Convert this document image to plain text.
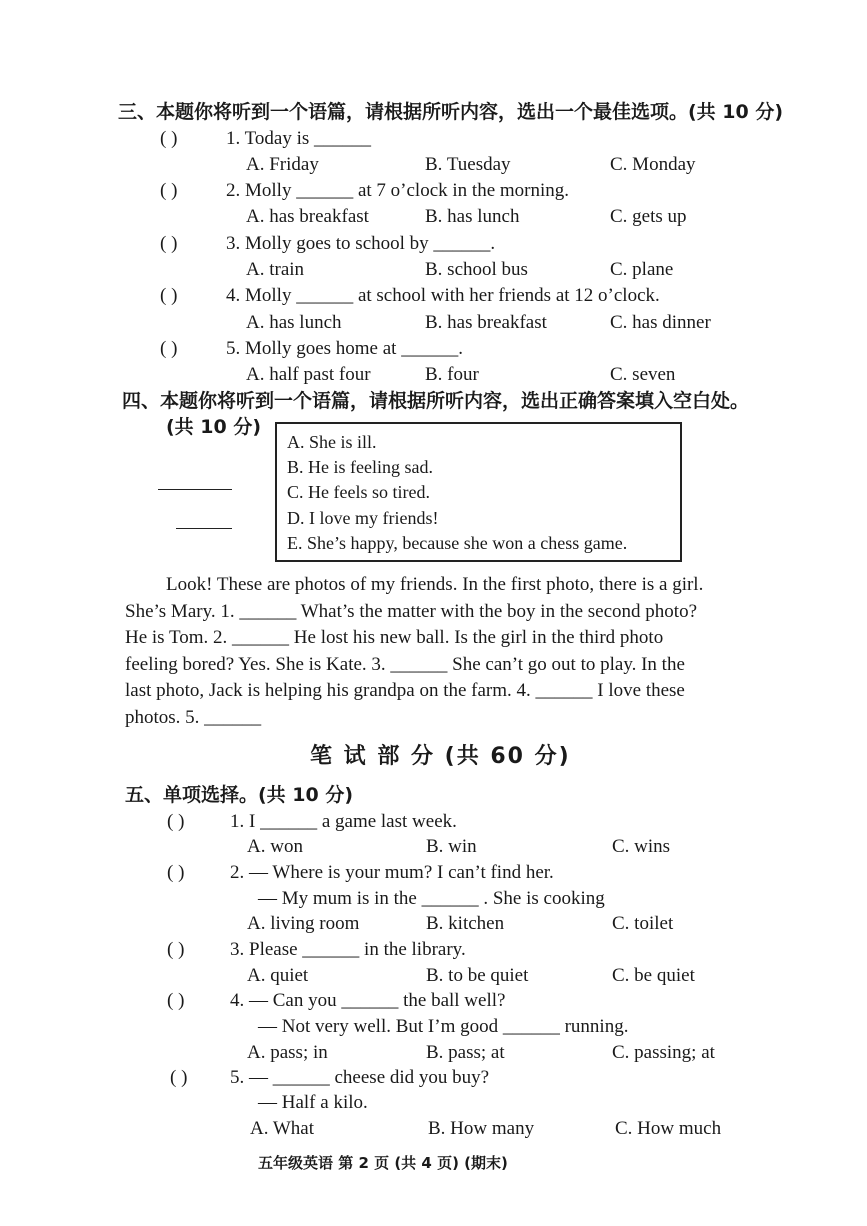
三、本题你将听到一个语篇，请根据所听内容，选出一个最佳选项。(共 10 分)
( )	1. Today is ______
A. Friday	B. Tuesday	C. Monday
( )	2. Molly ______ at 7 o’clock in the morning.
A. has breakfast	B. has lunch	C. gets up
( )	3. Molly goes to school by ______.
A. train	B. school bus	C. plane
( )	4. Molly ______ at school with her friends at 12 o’clock.
A. has lunch	B. has breakfast	C. has dinner
( )	5. Molly goes home at ______.
A. half past four	B. four	C. seven
四、本题你将听到一个语篇，请根据所听内容，选出正确答案填入空白处。
(共 10 分)
A. She is ill.
B. He is feeling sad.
C. He feels so tired.
D. I love my friends!
E. She’s happy, because she won a chess game.
Look! These are photos of my friends. In the first photo, there is a girl.
She’s Mary. 1. ______ What’s the matter with the boy in the second photo?
He is Tom. 2. ______ He lost his new ball. Is the girl in the third photo
feeling bored? Yes. She is Kate. 3. ______ She can’t go out to play. In the
last photo, Jack is helping his grandpa on the farm. 4. ______ I love these
photos. 5. ______
笔 试 部 分 (共 60 分)
五、单项选择。(共 10 分)
( ) 1. I ______ a game last week.
A. won	B. win	C. wins
( ) 2. — Where is your mum? I can’t find her.
— My mum is in the ______ . She is cooking
A. living room	B. kitchen	C. toilet
( ) 3. Please ______ in the library.
A. quiet	B. to be quiet	C. be quiet
( ) 4. — Can you ______ the ball well?
— Not very well. But I’m good ______ running.
A. pass; in	B. pass; at	C. passing; at
( ) 5. — ______ cheese did you buy?
— Half a kilo.
A. What	B. How many	C. How much
五年级英语 第 2 页 (共 4 页) (期末)
